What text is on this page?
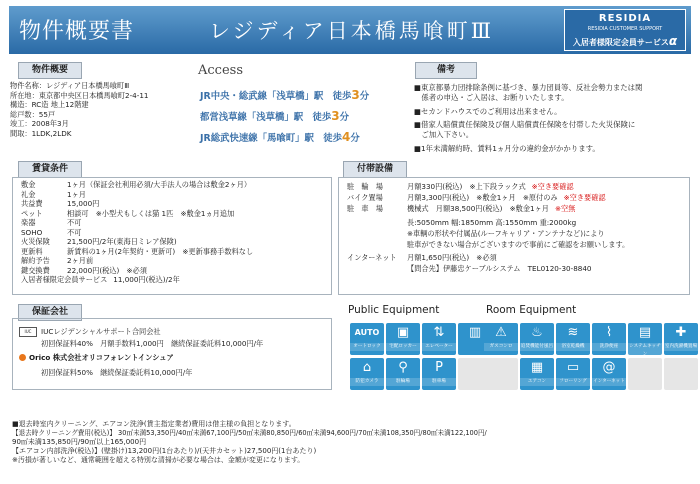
物件概要書	レジディア日本橋馬喰町Ⅲ
RESIDIA
RESIDIA CUSTOMER SUPPORT
入居者様限定会員サービスα
物件概要
物件名称：レジディア日本橋馬喰町Ⅲ
所在地：東京都中央区日本橋馬喰町2-4-11
構造：RC造 地上12階建
総戸数：55戸
竣工：2008年3月
間取：1LDK,2LDK
Access
JR中央・総武線「浅草橋」駅　徒歩3分
都営浅草線「浅草橋」駅　徒歩3分
JR総武快速線「馬喰町」駅　徒歩4分
備考
■東京都暴力団排除条例に基づき、暴力団員等、反社会勢力または関
　係者の申込・ご入居は、お断りいたします。
■セカンドハウスでのご利用は出来ません。
■借家人賠償責任保険及び個人賠償責任保険を付帯した火災保険に
　ご加入下さい。
■1年未満解約時、賃料1ヵ月分の違約金がかかります。
賃貸条件
敷金	1ヶ月（保証会社利用必須/大手法人の場合は敷金2ヶ月）
礼金	1ヶ月
共益費	15,000円
ペット	相談可　※小型犬もしくは猫 1匹　※敷金1ヵ月追加
楽器	不可
SOHO	不可
火災保険 21,500円/2年(東海日ミレア保険)
更新料	新賃料の1ヶ月(2年契約・更新可)　※更新事務手数料なし
解約予告 2ヶ月前
鍵交換費 22,000円(税込)　※必須
入居者様限定会員サービス 11,000円(税込)/2年
付帯設備
駐　輪　場	月額330円(税込)　※上下段ラック式 ※空き要確認
バイク置場	月額3,300円(税込)　※敷金1ヶ月　※原付のみ ※空き要確認
駐　車　場	機械式　月額38,500円(税込)　※敷金1ヶ月 ※空無
長:5050mm 幅:1850mm 高:1550mm 重:2000kg
※車輌の形状や付属品(ルーフキャリア・アンテナなど)により
駐車ができない場合がございますので事前にご確認をお願いします。
インターネット 月額1,650円(税込)　※必須
【問合先】伊藤忠ケーブルシステム　TEL0120-30-8840
保証会社
IUC	IUCレジデンシャルサポート合同会社
初回保証料40%　月額手数料1,000円　継続保証委託料10,000円/年
Orico 株式会社オリコフォレントインシュア
初回保証料50%　継続保証委託料10,000円/年
Public Equipment	Room Equipment
AUTO
オートロック
▣
宅配ロッカー
⇅
エレベーター
▥
⌂
防犯カメラ
⚲
駐輪場
P
駐車場
⚠
ガスコンロ
♨
追焚機能付風呂
≋
浴室乾燥機
⌇
洗浄便座
▤
システムキッチン
✚
室内洗濯機置場
▦
エアコン
▭
フローリング
@
インターネット
■退去時室内クリーニング、エアコン洗浄(賃主指定業者)費用は借主様の負担となります。
【退去時クリーニング費用(税込)】 30㎡未満53,350円/40㎡未満67,100円/50㎡未満80,850円/60㎡未満94,600円/70㎡未満108,350円/80㎡未満122,100円/
90㎡未満135,850円/90㎡以上165,000円
【エアコン内部洗浄(税込)】(壁掛け)13,200円(1台あたり)/(天井カセット)27,500円(1台あたり)
※汚損が著しいなど、通常範囲を超える特別な清掃が必要な場合は、金額が変更になります。
